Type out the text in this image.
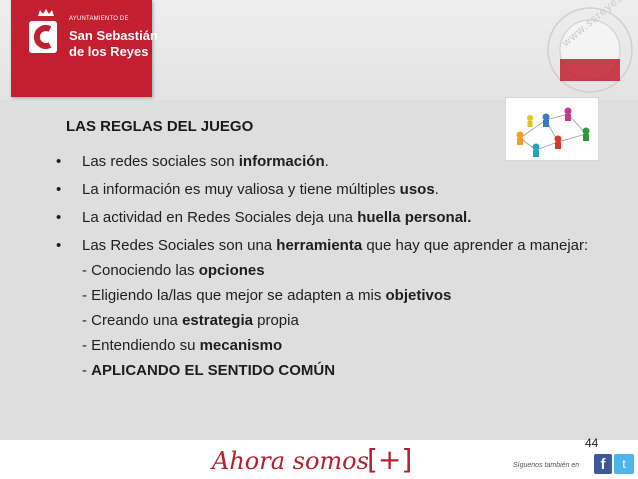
AYUNTAMIENTO DE
San Sebastián
de los Reyes
LAS REGLAS DEL JUEGO
• Las redes sociales son información.
• La información es muy valiosa y tiene múltiples usos.
• La actividad en Redes Sociales deja una huella personal.
• Las Redes Sociales son una herramienta que hay que aprender a manejar:
- Conociendo las opciones
- Eligiendo la/las que mejor se adapten a mis objetivos
- Creando una estrategia propia
- Entendiendo su mecanismo
- APLICANDO EL SENTIDO COMÚN
44
Ahora somos
[+]	Síguenos también en	f	t
